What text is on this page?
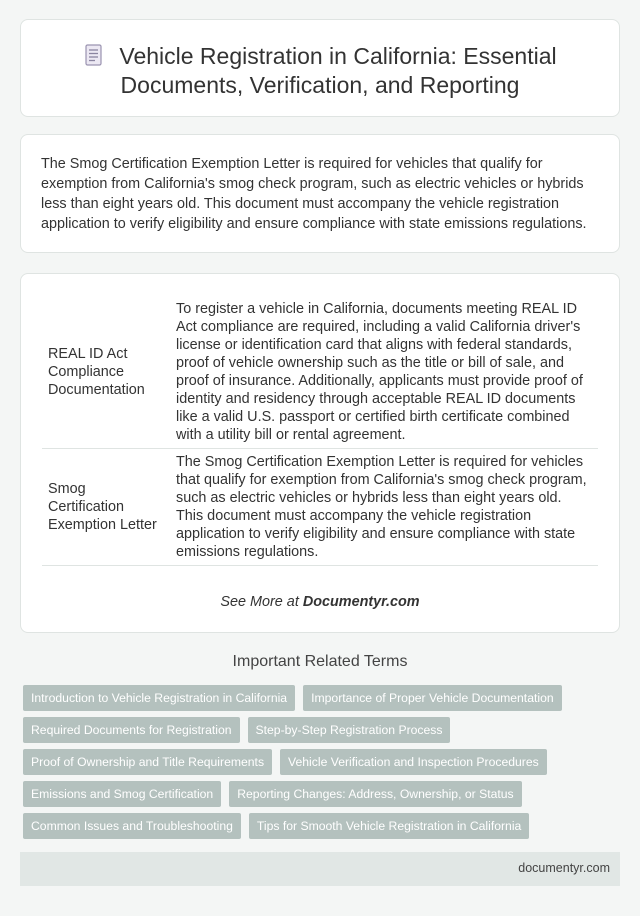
Vehicle Registration in California: Essential
Documents, Verification, and Reporting

The Smog Certification Exemption Letter is required for vehicles that qualify for exemption from California's smog check program, such as electric vehicles or hybrids less than eight years old. This document must accompany the vehicle registration application to verify eligibility and ensure compliance with state emissions regulations.

REAL ID Act Compliance Documentation	To register a vehicle in California, documents meeting REAL ID Act compliance are required, including a valid California driver's license or identification card that aligns with federal standards, proof of vehicle ownership such as the title or bill of sale, and proof of insurance. Additionally, applicants must provide proof of identity and residency through acceptable REAL ID documents like a valid U.S. passport or certified birth certificate combined with a utility bill or rental agreement.
Smog Certification Exemption Letter	The Smog Certification Exemption Letter is required for vehicles that qualify for exemption from California's smog check program, such as electric vehicles or hybrids less than eight years old. This document must accompany the vehicle registration application to verify eligibility and ensure compliance with state emissions regulations.
See More at Documentyr.com
Important Related Terms
Introduction to Vehicle Registration in California	Importance of Proper Vehicle Documentation
Required Documents for Registration	Step-by-Step Registration Process
Proof of Ownership and Title Requirements	Vehicle Verification and Inspection Procedures
Emissions and Smog Certification	Reporting Changes: Address, Ownership, or Status
Common Issues and Troubleshooting	Tips for Smooth Vehicle Registration in California
documentyr.com
